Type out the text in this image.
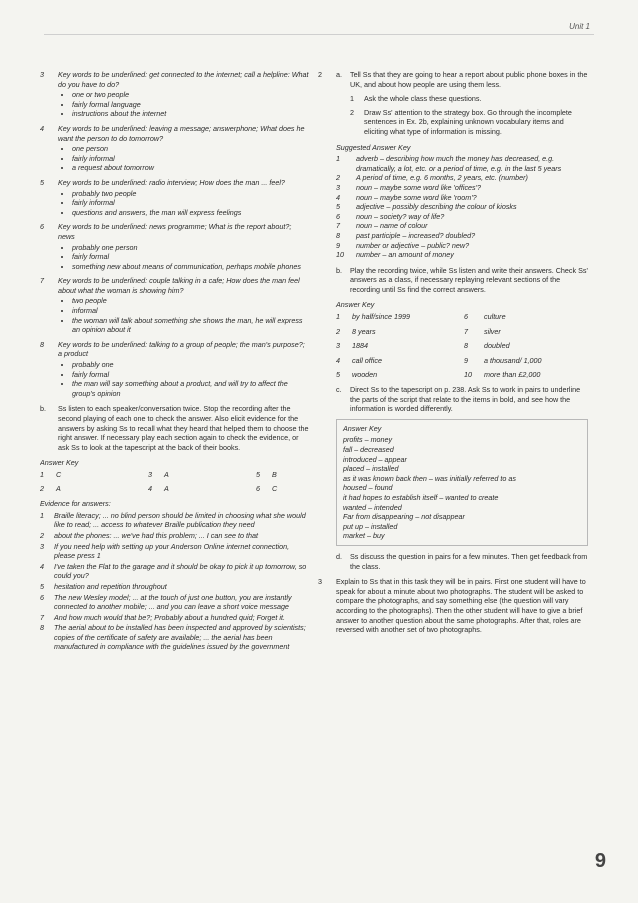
Unit 1
3	Key words to be underlined: get connected to the internet; call a helpline: What do you have to do?
• one or two people
• fairly formal language
• instructions about the internet
4	Key words to be underlined: leaving a message; answerphone; What does he want the person to do tomorrow?
• one person
• fairly informal
• a request about tomorrow
5	Key words to be underlined: radio interview; How does the man ... feel?
• probably two people
• fairly informal
• questions and answers, the man will express feelings
6	Key words to be underlined: news programme; What is the report about?; news
• probably one person
• fairly formal
• something new about means of communication, perhaps mobile phones
7	Key words to be underlined: couple talking in a cafe; How does the man feel about what the woman is showing him?
• two people
• informal
• the woman will talk about something she shows the man, he will express an opinion about it
8	Key words to be underlined: talking to a group of people; the man's purpose?; a product
• probably one
• fairly formal
• the man will say something about a product, and will try to affect the group's opinion
b.	Ss listen to each speaker/conversation twice. Stop the recording after the second playing of each one to check the answer. Also elicit evidence for the answers by asking Ss to recall what they heard that helped them to choose the right answer. If necessary play each section again to check the evidence, or ask Ss to look at the tapescript at the back of their books.
Answer Key
1	C	3	A	5	B
2	A	4	A	6	C
Evidence for answers:
1	Braille literacy; ... no blind person should be limited in choosing what she would like to read; ... access to whatever Braille publication they need
2	about the phones: ... we've had this problem; ... I can see to that
3	If you need help with setting up your Anderson Online internet connection, please press 1
4	I've taken the Flat to the garage and it should be okay to pick it up tomorrow, so could you?
5	hesitation and repetition throughout
6	The new Wesley model; ... at the touch of just one button, you are instantly connected to another mobile; ... and you can leave a short voice message
7	And how much would that be?; Probably about a hundred quid; Forget it.
8	The aerial about to be installed has been inspected and approved by scientists; copies of the certificate of safety are available; ... the aerial has been manufactured in compliance with the guidelines issued by the government
2	a.	Tell Ss that they are going to hear a report about public phone boxes in the UK, and about how people are using them less.
1	Ask the whole class these questions.
2	Draw Ss' attention to the strategy box. Go through the incomplete sentences in Ex. 2b, explaining unknown vocabulary items and eliciting what type of information is missing.
Suggested Answer Key
1	adverb – describing how much the money has decreased, e.g. dramatically, a lot, etc. or a period of time, e.g. in the last 5 years
2	A period of time, e.g. 6 months, 2 years, etc. (number)
3	noun – maybe some word like 'offices'?
4	noun – maybe some word like 'room'?
5	adjective – possibly describing the colour of kiosks
6	noun – society? way of life?
7	noun – name of colour
8	past participle – increased? doubled?
9	number or adjective – public? new?
10	number – an amount of money
b.	Play the recording twice, while Ss listen and write their answers. Check Ss' answers as a class, if necessary replaying relevant sections of the recording until Ss find the correct answers.
Answer Key
1	by half/since 1999	6	culture
2	8 years	7	silver
3	1884	8	doubled
4	call office	9	a thousand/ 1,000
5	wooden	10	more than £2,000
c.	Direct Ss to the tapescript on p. 238. Ask Ss to work in pairs to underline the parts of the script that relate to the items in bold, and see how the information is worded differently.
Answer Key
profits – money
fall – decreased
introduced – appear
placed – installed
as it was known back then – was initially referred to as
housed – found
it had hopes to establish itself – wanted to create
wanted – intended
Far from disappearing – not disappear
put up – installed
market – buy
d.	Ss discuss the question in pairs for a few minutes. Then get feedback from the class.
3	Explain to Ss that in this task they will be in pairs. First one student will have to speak for about a minute about two photographs. The student will be asked to compare the photographs, and say something else (the question will vary according to the photographs). Then the other student will have to give a brief answer to another question about the same photographs. After that, roles are reversed with another set of two photographs.
9
